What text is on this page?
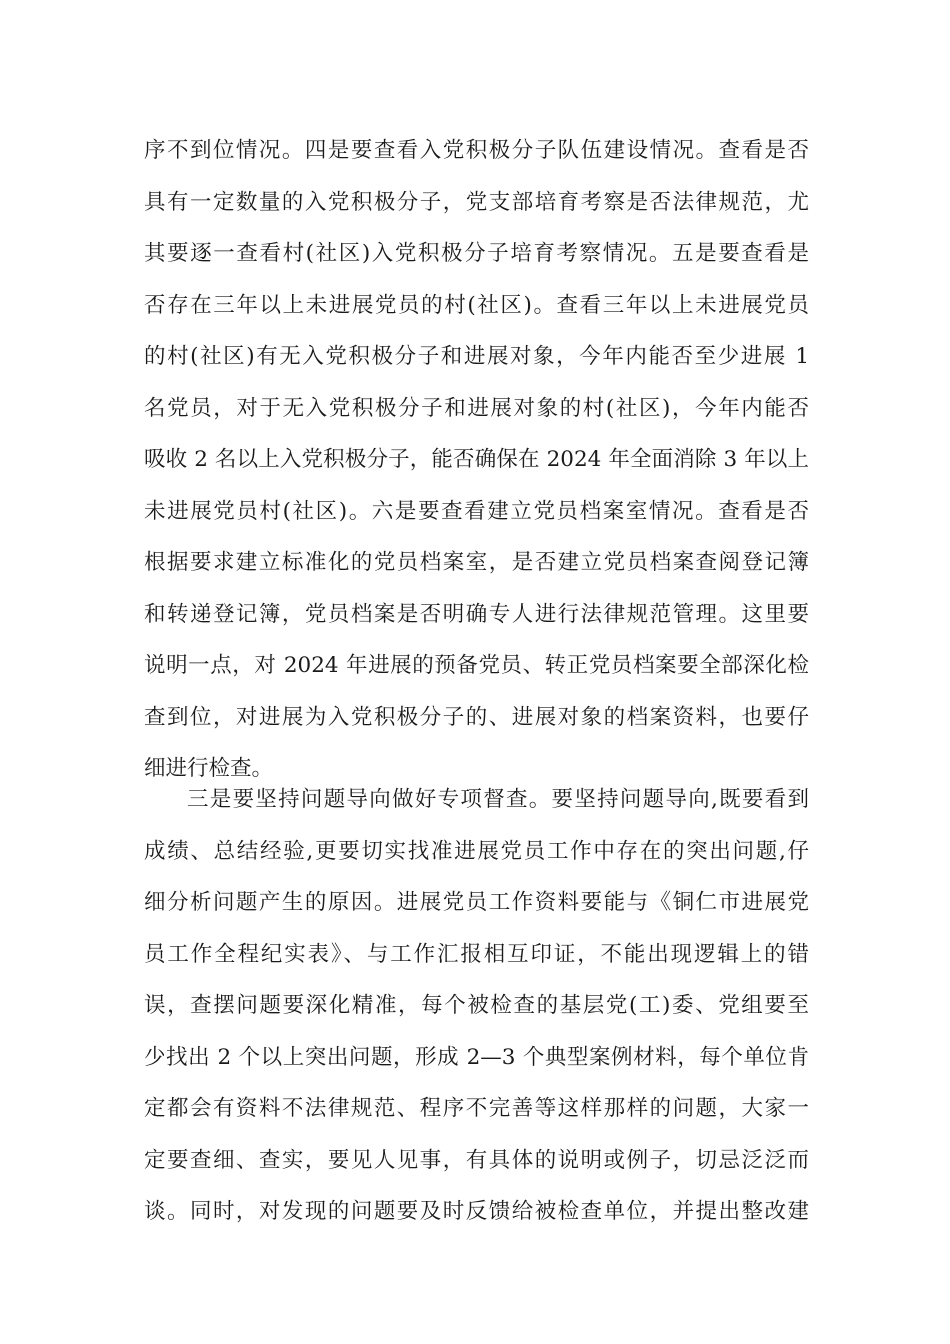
序不到位情况。四是要查看入党积极分子队伍建设情况。查看是否
具有一定数量的入党积极分子，党支部培育考察是否法律规范，尤
其要逐一查看村(社区)入党积极分子培育考察情况。五是要查看是
否存在三年以上未进展党员的村(社区)。查看三年以上未进展党员
的村(社区)有无入党积极分子和进展对象，今年内能否至少进展 1
名党员，对于无入党积极分子和进展对象的村(社区)，今年内能否
吸收 2 名以上入党积极分子，能否确保在 2024 年全面消除 3 年以上
未进展党员村(社区)。六是要查看建立党员档案室情况。查看是否
根据要求建立标准化的党员档案室，是否建立党员档案查阅登记簿
和转递登记簿，党员档案是否明确专人进行法律规范管理。这里要
说明一点，对 2024 年进展的预备党员、转正党员档案要全部深化检
查到位，对进展为入党积极分子的、进展对象的档案资料，也要仔
细进行检查。
三是要坚持问题导向做好专项督查。要坚持问题导向,既要看到
成绩、总结经验,更要切实找准进展党员工作中存在的突出问题,仔
细分析问题产生的原因。进展党员工作资料要能与《铜仁市进展党
员工作全程纪实表》、与工作汇报相互印证，不能出现逻辑上的错
误，查摆问题要深化精准，每个被检查的基层党(工)委、党组要至
少找出 2 个以上突出问题，形成 2—3 个典型案例材料，每个单位肯
定都会有资料不法律规范、程序不完善等这样那样的问题，大家一
定要查细、查实，要见人见事，有具体的说明或例子，切忌泛泛而
谈。同时，对发现的问题要及时反馈给被检查单位，并提出整改建
